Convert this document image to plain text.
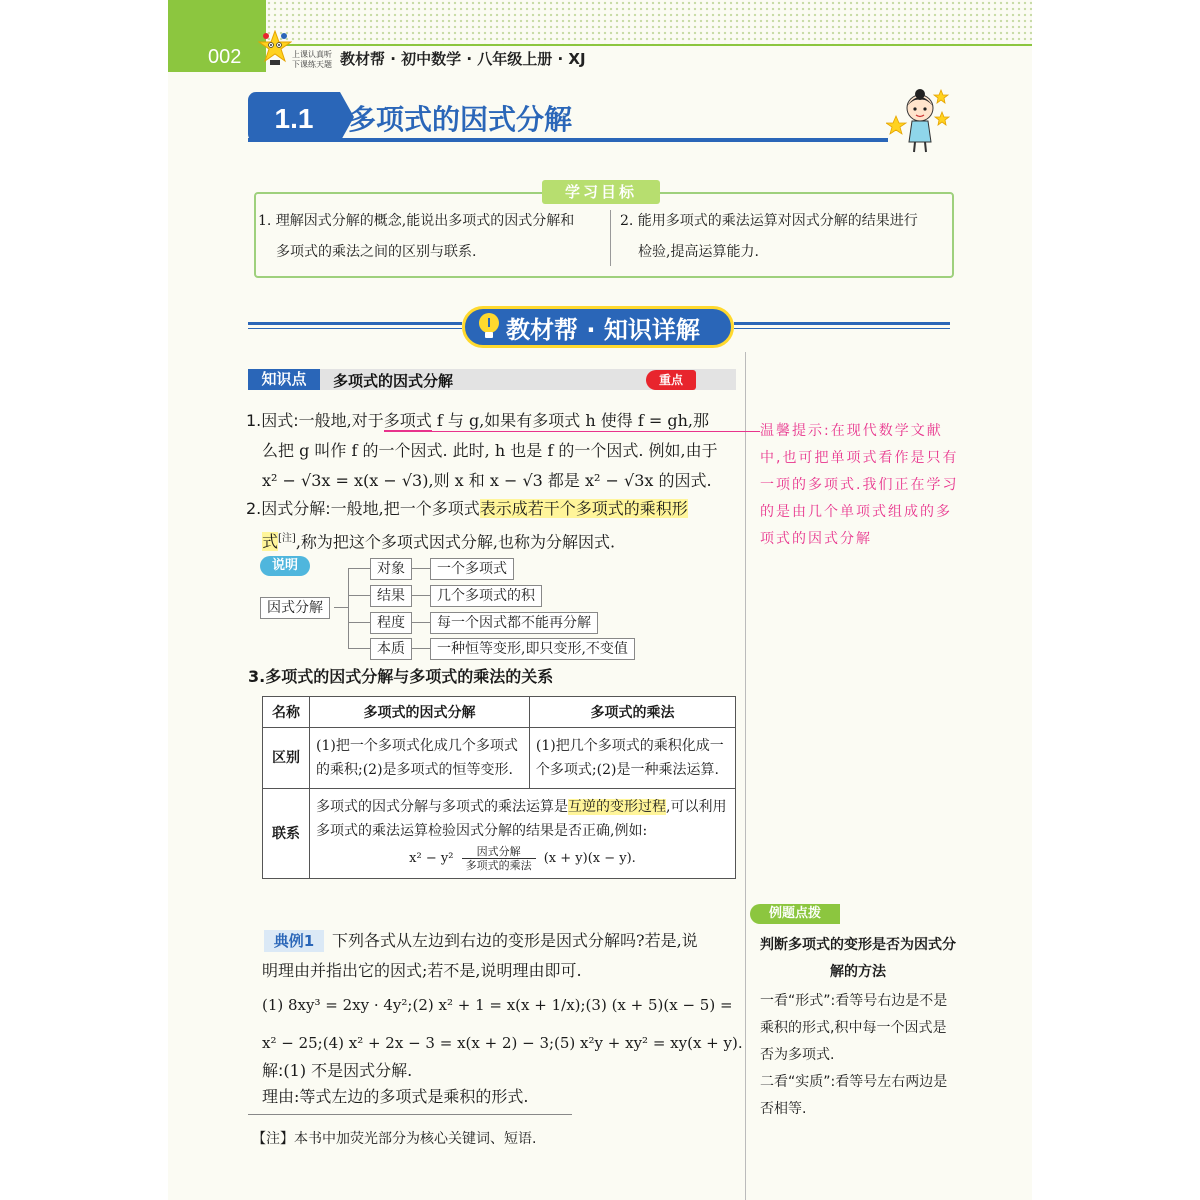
002	上课认真听
下课练天题 教材帮 · 初中数学 · 八年级上册 · XJ
1.1	多项式的因式分解
学习目标
1. 理解因式分解的概念,能说出多项式的因式分解和
多项式的乘法之间的区别与联系.
2. 能用多项式的乘法运算对因式分解的结果进行
检验,提高运算能力.
教材帮 · 知识详解
知识点	多项式的因式分解	重点
1.因式:一般地,对于多项式 f 与 g,如果有多项式 h 使得 f = gh,那
么把 g 叫作 f 的一个因式. 此时, h 也是 f 的一个因式. 例如,由于
x² − √3x = x(x − √3),则 x 和 x − √3 都是 x² − √3x 的因式.
2.因式分解:一般地,把一个多项式表示成若干个多项式的乘积形
式[注],称为把这个多项式因式分解,也称为分解因式.
说明
因式分解
对象	一个多项式
结果	几个多项式的积
程度	每一个因式都不能再分解
本质	一种恒等变形,即只变形,不变值
3.多项式的因式分解与多项式的乘法的关系
名称	多项式的因式分解	多项式的乘法
区别	(1)把一个多项式化成几个多项式的乘积;(2)是多项式的恒等变形.	(1)把几个多项式的乘积化成一个多项式;(2)是一种乘法运算.
联系	多项式的因式分解与多项式的乘法运算是互逆的变形过程,可以利用多项式的乘法运算检验因式分解的结果是否正确,例如:
x² − y² 因式分解
多项式的乘法 (x + y)(x − y).	
典例1	下列各式从左边到右边的变形是因式分解吗?若是,说
明理由并指出它的因式;若不是,说明理由即可.
(1) 8xy³ = 2xy · 4y²;(2) x² + 1 = x(x + 1/x);(3) (x + 5)(x − 5) =
x² − 25;(4) x² + 2x − 3 = x(x + 2) − 3;(5) x²y + xy² = xy(x + y).
解:(1) 不是因式分解.
理由:等式左边的多项式是乘积的形式.
【注】本书中加荧光部分为核心关键词、短语.
温馨提示:在现代数学文献中,也可把单项式看作是只有一项的多项式.我们正在学习的是由几个单项式组成的多项式的因式分解
例题点拨
判断多项式的变形是否为因式分解的方法
一看“形式”:看等号右边是不是乘积的形式,积中每一个因式是否为多项式.
二看“实质”:看等号左右两边是否相等.
